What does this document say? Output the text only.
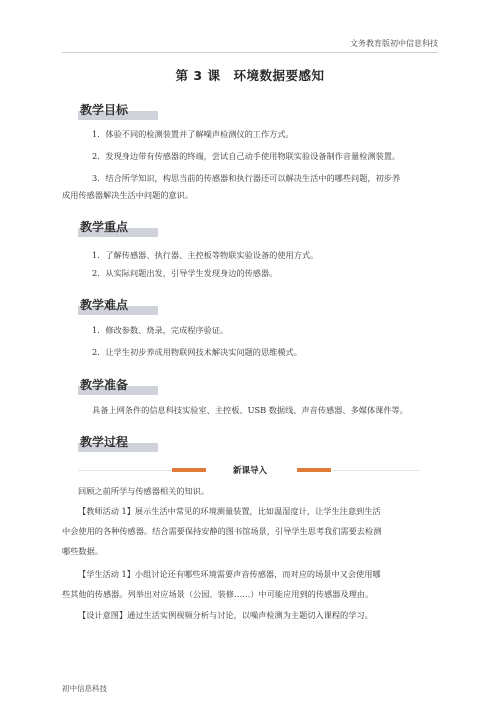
文务教育版初中信息科技
第 3 课　环境数据要感知
教学目标
1．体验不同的检测装置并了解噪声检测仪的工作方式。
2．发现身边带有传感器的终端，尝试自己动手使用物联实验设备制作音量检测装置。
3．结合所学知识，构思当前的传感器和执行器还可以解决生活中的哪些问题，初步养
成用传感器解决生活中问题的意识。
教学重点
1．了解传感器、执行器、主控板等物联实验设备的使用方式。
2．从实际问题出发，引导学生发现身边的传感器。
教学难点
1．修改参数、烧录，完成程序验证。
2．让学生初步养成用物联网技术解决实问题的思维模式。
教学准备
具备上网条件的信息科技实验室、主控板、USB 数据线、声音传感器、多媒体课件等。
教学过程
新课导入
回顾之前所学与传感器相关的知识。
【教师活动 1】展示生活中常见的环境测量装置，比如温湿度计，让学生注意到生活
中会使用的各种传感器。结合需要保持安静的图书馆场景，引导学生思考我们需要去检测
哪些数据。
【学生活动 1】小组讨论还有哪些环境需要声音传感器，而对应的场景中又会使用哪
些其他的传感器。列举出对应场景（公园、装修……）中可能应用到的传感器及理由。
【设计意图】通过生活实例视频分析与讨论，以噪声检测为主题切入课程的学习。
初中信息科技
